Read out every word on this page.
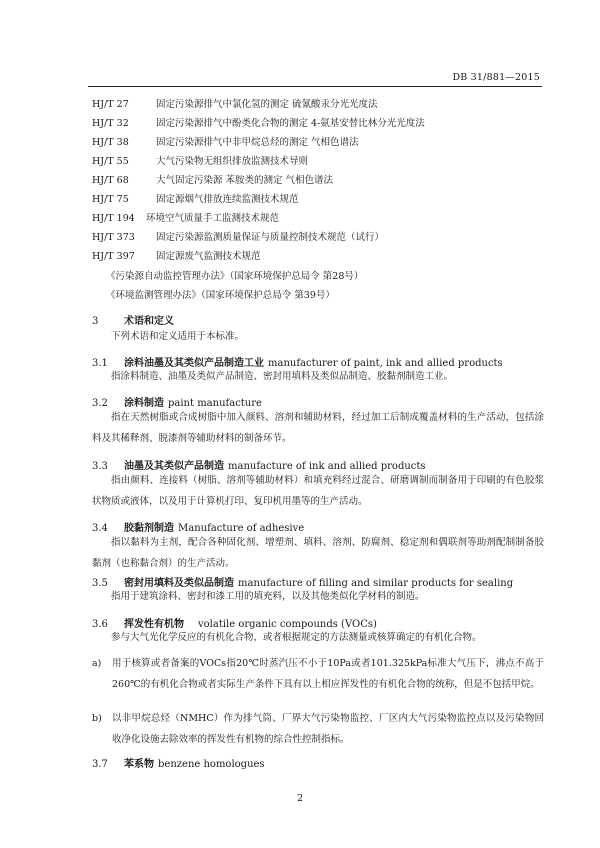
DB 31/881—2015
HJ/T 27	固定污染源排气中氯化氢的测定 硫氰酸汞分光光度法
HJ/T 32	固定污染源排气中酚类化合物的测定 4-氨基安替比林分光光度法
HJ/T 38	固定污染源排气中非甲烷总烃的测定 气相色谱法
HJ/T 55	大气污染物无组织排放监测技术导则
HJ/T 68	大气固定污染源 苯胺类的测定 气相色谱法
HJ/T 75	固定源烟气排放连续监测技术规范
HJ/T 194 环境空气质量手工监测技术规范
HJ/T 373 固定污染源监测质量保证与质量控制技术规范（试行）
HJ/T 397 固定源废气监测技术规范
《污染源自动监控管理办法》（国家环境保护总局令 第28号）
《环境监测管理办法》（国家环境保护总局令 第39号）
3	术语和定义
下列术语和定义适用于本标准。
3.1 涂料油墨及其类似产品制造工业 manufacturer of paint, ink and allied products
指涂料制造、油墨及类似产品制造、密封用填料及类似品制造、胶黏剂制造工业。
3.2 涂料制造 paint manufacture
指在天然树脂或合成树脂中加入颜料、溶剂和辅助材料，经过加工后制成覆盖材料的生产活动，包括涂料及其稀释剂、脱漆剂等辅助材料的制备环节。
3.3 油墨及其类似产品制造 manufacture of ink and allied products
指由颜料、连接料（树脂、溶剂等辅助材料）和填充料经过混合、研磨调制而制备用于印刷的有色胶浆状物质或液体，以及用于计算机打印、复印机用墨等的生产活动。
3.4 胶黏剂制造 Manufacture of adhesive
指以黏料为主剂，配合各种固化剂、增塑剂、填料、溶剂、防腐剂、稳定剂和偶联剂等助剂配制制备胶黏剂（也称黏合剂）的生产活动。
3.5 密封用填料及类似品制造 manufacture of filling and similar products for sealing
指用于建筑涂料、密封和漆工用的填充料，以及其他类似化学材料的制造。
3.6 挥发性有机物 volatile organic compounds (VOCs)
参与大气光化学反应的有机化合物，或者根据规定的方法测量或核算确定的有机化合物。
a) 用于核算或者备案的VOCs指20℃时蒸汽压不小于10Pa或者101.325kPa标准大气压下，沸点不高于260℃的有机化合物或者实际生产条件下具有以上相应挥发性的有机化合物的统称，但是不包括甲烷。
b) 以非甲烷总烃（NMHC）作为排气筒、厂界大气污染物监控、厂区内大气污染物监控点以及污染物回收净化设施去除效率的挥发性有机物的综合性控制指标。
3.7 苯系物 benzene homologues
2
